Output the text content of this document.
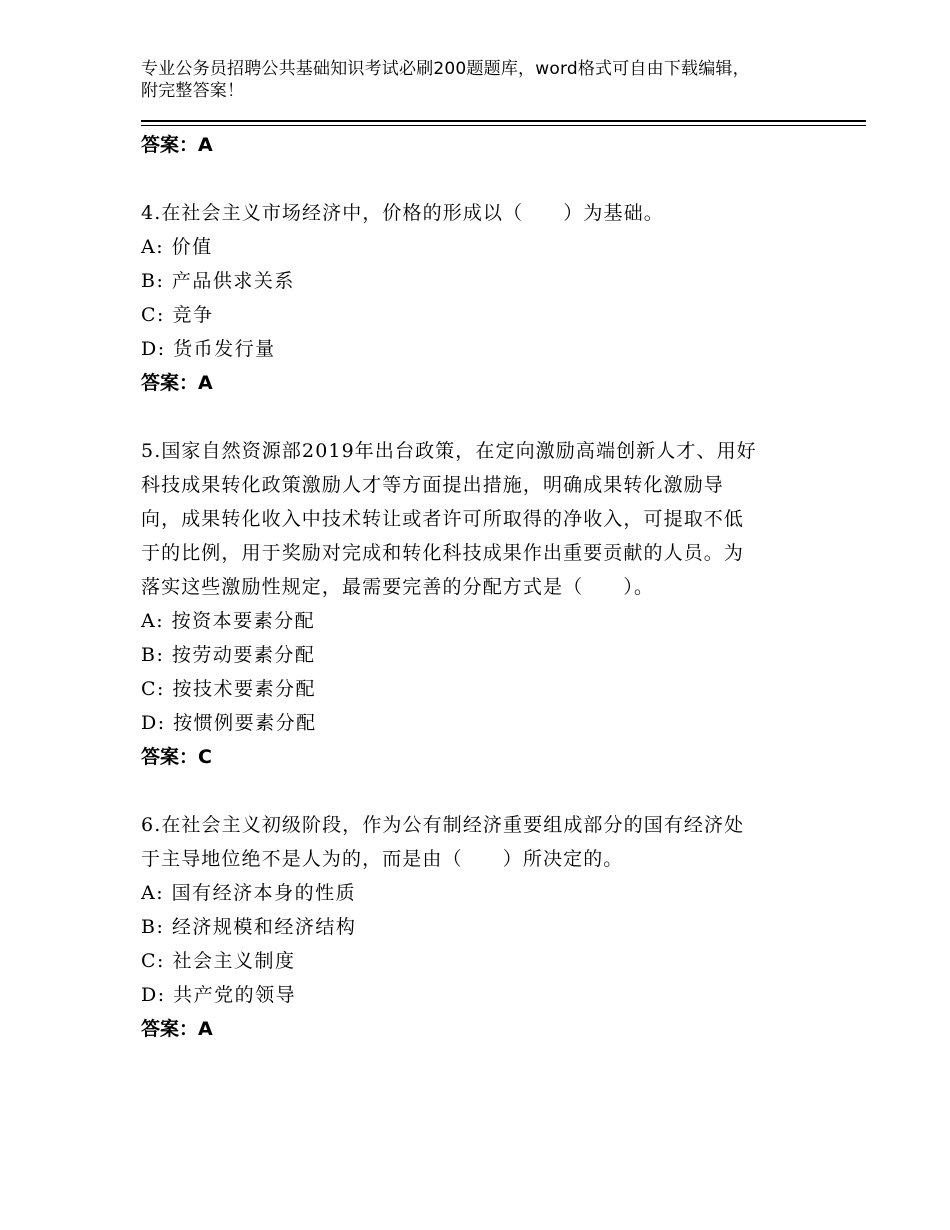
专业公务员招聘公共基础知识考试必刷200题题库，word格式可自由下载编辑，
附完整答案！
答案：A
4.在社会主义市场经济中，价格的形成以（　　）为基础。
A: 价值
B: 产品供求关系
C: 竞争
D: 货币发行量
答案：A
5.国家自然资源部2019年出台政策，在定向激励高端创新人才、用好
科技成果转化政策激励人才等方面提出措施，明确成果转化激励导
向，成果转化收入中技术转让或者许可所取得的净收入，可提取不低
于的比例，用于奖励对完成和转化科技成果作出重要贡献的人员。为
落实这些激励性规定，最需要完善的分配方式是（　　）。
A: 按资本要素分配
B: 按劳动要素分配
C: 按技术要素分配
D: 按惯例要素分配
答案：C
6.在社会主义初级阶段，作为公有制经济重要组成部分的国有经济处
于主导地位绝不是人为的，而是由（　　）所决定的。
A: 国有经济本身的性质
B: 经济规模和经济结构
C: 社会主义制度
D: 共产党的领导
答案：A
